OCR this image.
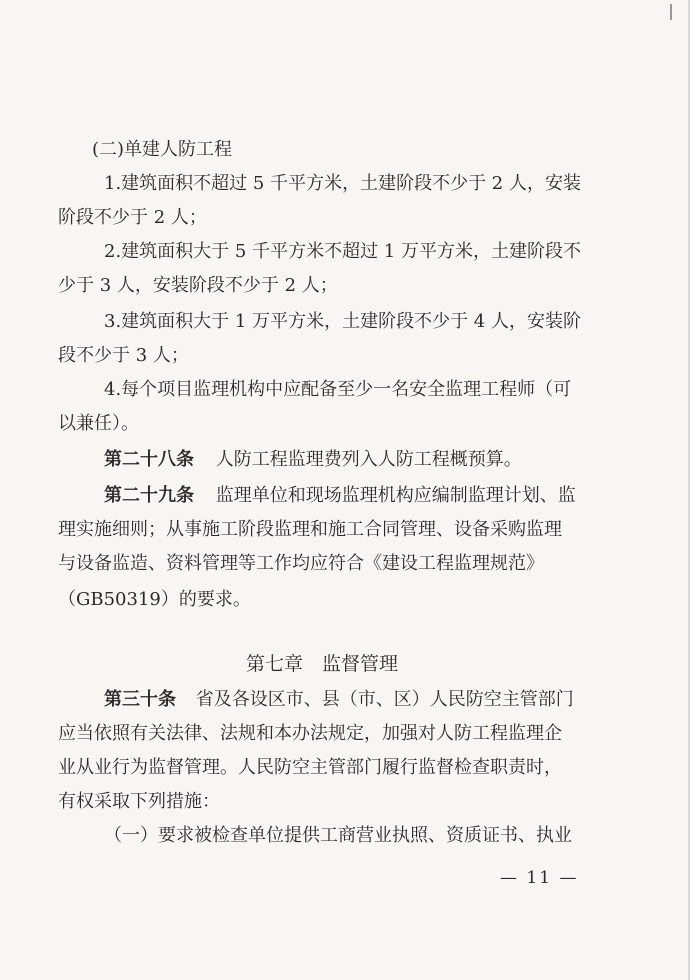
(二)单建人防工程
1.建筑面积不超过 5 千平方米，土建阶段不少于 2 人，安装
阶段不少于 2 人；
2.建筑面积大于 5 千平方米不超过 1 万平方米，土建阶段不
少于 3 人，安装阶段不少于 2 人；
3.建筑面积大于 1 万平方米，土建阶段不少于 4 人，安装阶
段不少于 3 人；
4.每个项目监理机构中应配备至少一名安全监理工程师（可
以兼任）。
第二十八条 人防工程监理费列入人防工程概预算。
第二十九条 监理单位和现场监理机构应编制监理计划、监
理实施细则；从事施工阶段监理和施工合同管理、设备采购监理
与设备监造、资料管理等工作均应符合《建设工程监理规范》
（GB50319）的要求。
第七章　监督管理
第三十条 省及各设区市、县（市、区）人民防空主管部门
应当依照有关法律、法规和本办法规定，加强对人防工程监理企
业从业行为监督管理。人民防空主管部门履行监督检查职责时，
有权采取下列措施：
（一）要求被检查单位提供工商营业执照、资质证书、执业
— 11 —
